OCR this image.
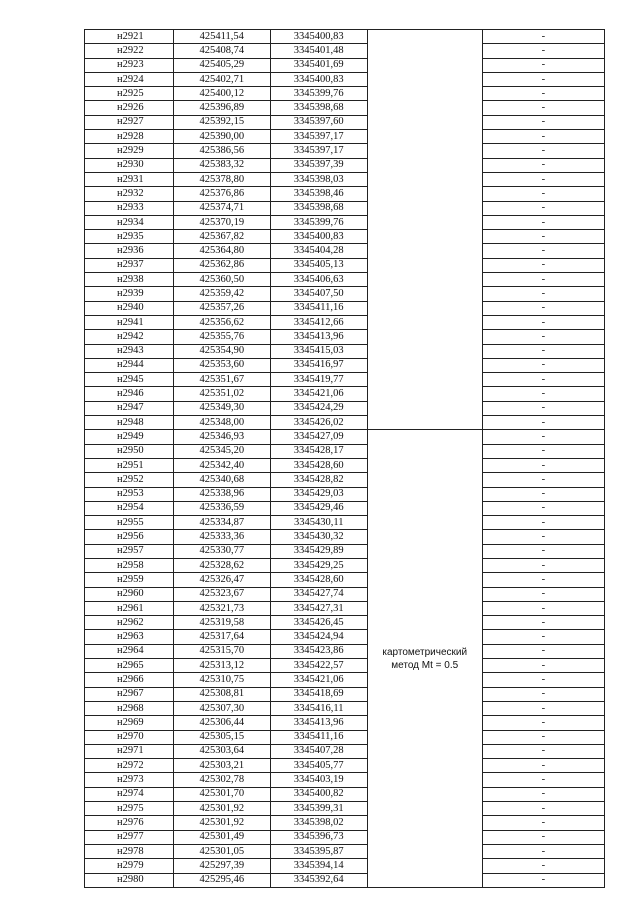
н2921	425411,54	3345400,83		-
н2922	425408,74	3345401,48		-
н2923	425405,29	3345401,69		-
н2924	425402,71	3345400,83		-
н2925	425400,12	3345399,76		-
н2926	425396,89	3345398,68		-
н2927	425392,15	3345397,60		-
н2928	425390,00	3345397,17		-
н2929	425386,56	3345397,17		-
н2930	425383,32	3345397,39		-
н2931	425378,80	3345398,03		-
н2932	425376,86	3345398,46		-
н2933	425374,71	3345398,68		-
н2934	425370,19	3345399,76		-
н2935	425367,82	3345400,83		-
н2936	425364,80	3345404,28		-
н2937	425362,86	3345405,13		-
н2938	425360,50	3345406,63		-
н2939	425359,42	3345407,50		-
н2940	425357,26	3345411,16		-
н2941	425356,62	3345412,66		-
н2942	425355,76	3345413,96		-
н2943	425354,90	3345415,03		-
н2944	425353,60	3345416,97		-
н2945	425351,67	3345419,77		-
н2946	425351,02	3345421,06		-
н2947	425349,30	3345424,29		-
н2948	425348,00	3345426,02		-
н2949	425346,93	3345427,09	картометрический метод Mt = 0.5	-
н2950	425345,20	3345428,17		-
н2951	425342,40	3345428,60		-
н2952	425340,68	3345428,82		-
н2953	425338,96	3345429,03		-
н2954	425336,59	3345429,46		-
н2955	425334,87	3345430,11		-
н2956	425333,36	3345430,32		-
н2957	425330,77	3345429,89		-
н2958	425328,62	3345429,25		-
н2959	425326,47	3345428,60		-
н2960	425323,67	3345427,74		-
н2961	425321,73	3345427,31		-
н2962	425319,58	3345426,45		-
н2963	425317,64	3345424,94		-
н2964	425315,70	3345423,86		-
н2965	425313,12	3345422,57		-
н2966	425310,75	3345421,06		-
н2967	425308,81	3345418,69		-
н2968	425307,30	3345416,11		-
н2969	425306,44	3345413,96		-
н2970	425305,15	3345411,16		-
н2971	425303,64	3345407,28		-
н2972	425303,21	3345405,77		-
н2973	425302,78	3345403,19		-
н2974	425301,70	3345400,82		-
н2975	425301,92	3345399,31		-
н2976	425301,92	3345398,02		-
н2977	425301,49	3345396,73		-
н2978	425301,05	3345395,87		-
н2979	425297,39	3345394,14		-
н2980	425295,46	3345392,64		-
